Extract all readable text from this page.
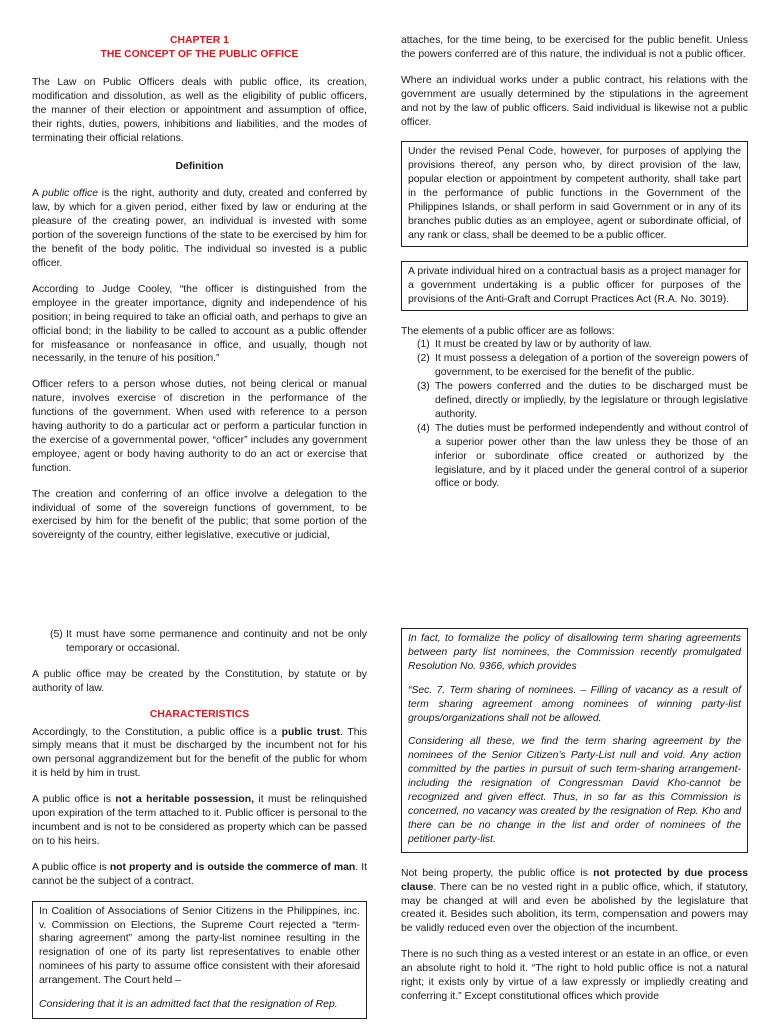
CHAPTER 1
THE CONCEPT OF THE PUBLIC OFFICE

The Law on Public Officers deals with public office, its creation, modification and dissolution, as well as the eligibility of public officers, the manner of their election or appointment and assumption of office, their rights, duties, powers, inhibitions and liabilities, and the modes of terminating their official relations.

Definition

A public office is the right, authority and duty, created and conferred by law, by which for a given period, either fixed by law or enduring at the pleasure of the creating power, an individual is invested with some portion of the sovereign functions of the state to be exercised by him for the benefit of the body politic. The individual so invested is a public officer.

According to Judge Cooley, “the officer is distinguished from the employee in the greater importance, dignity and independence of his position; in being required to take an official oath, and perhaps to give an official bond; in the liability to be called to account as a public offender for misfeasance or nonfeasance in office, and usually, though not necessarily, in the tenure of his position.”

Officer refers to a person whose duties, not being clerical or manual nature, involves exercise of discretion in the performance of the functions of the government. When used with reference to a person having authority to do a particular act or perform a particular function in the exercise of a governmental power, “officer” includes any government employee, agent or body having authority to do an act or exercise that function.

The creation and conferring of an office involve a delegation to the individual of some of the sovereign functions of government, to be exercised by him for the benefit of the public; that some portion of the sovereignty of the country, either legislative, executive or judicial,

attaches, for the time being, to be exercised for the public benefit. Unless the powers conferred are of this nature, the individual is not a public officer.

Where an individual works under a public contract, his relations with the government are usually determined by the stipulations in the agreement and not by the law of public officers. Said individual is likewise not a public officer.

Under the revised Penal Code, however, for purposes of applying the provisions thereof, any person who, by direct provision of the law, popular election or appointment by competent authority, shall take part in the performance of public functions in the Government of the Philippines Islands, or shall perform in said Government or in any of its branches public duties as an employee, agent or subordinate official, of any rank or class, shall be deemed to be a public officer.

A private individual hired on a contractual basis as a project manager for a government undertaking is a public officer for purposes of the provisions of the Anti-Graft and Corrupt Practices Act (R.A. No. 3019).

The elements of a public officer are as follows:

(1) It must be created by law or by authority of law.
(2) It must possess a delegation of a portion of the sovereign powers of government, to be exercised for the benefit of the public.
(3) The powers conferred and the duties to be discharged must be defined, directly or impliedly, by the legislature or through legislative authority.
(4) The duties must be performed independently and without control of a superior power other than the law unless they be those of an inferior or subordinate office created or authorized by the legislature, and by it placed under the general control of a superior office or body.

(5) It must have some permanence and continuity and not be only temporary or occasional.

A public office may be created by the Constitution, by statute or by authority of law.

CHARACTERISTICS

Accordingly, to the Constitution, a public office is a public trust. This simply means that it must be discharged by the incumbent not for his own personal aggrandizement but for the benefit of the public for whom it is held by him in trust.

A public office is not a heritable possession, it must be relinquished upon expiration of the term attached to it. Public officer is personal to the incumbent and is not to be considered as property which can be passed on to his heirs.

A public office is not property and is outside the commerce of man. It cannot be the subject of a contract.

In Coalition of Associations of Senior Citizens in the Philippines, inc. v. Commission on Elections, the Supreme Court rejected a “term-sharing agreement” among the party-list nominee resulting in the resignation of one of its party list representatives to enable other nominees of his party to assume office consistent with their aforesaid arrangement. The Court held –

Considering that it is an admitted fact that the resignation of Rep.

In fact, to formalize the policy of disallowing term sharing agreements between party list nominees, the Commission recently promulgated Resolution No. 9366, which provides

“Sec. 7. Term sharing of nominees. – Filling of vacancy as a result of term sharing agreement among nominees of winning party-list groups/organizations shall not be allowed.

Considering all these, we find the term sharing agreement by the nominees of the Senior Citizen’s Party-List null and void. Any action committed by the parties in pursuit of such term-sharing arrangement-including the resignation of Congressman David Kho-cannot be recognized and given effect. Thus, in so far as this Commission is concerned, no vacancy was created by the resignation of Rep. Kho and there can be no change in the list and order of nominees of the petitioner party-list.

Not being property, the public office is not protected by due process clause. There can be no vested right in a public office, which, if statutory, may be changed at will and even be abolished by the legislature that created it. Besides such abolition, its term, compensation and powers may be validly reduced even over the objection of the incumbent.

There is no such thing as a vested interest or an estate in an office, or even an absolute right to hold it. “The right to hold public office is not a natural right; it exists only by virtue of a law expressly or impliedly creating and conferring it.” Except constitutional offices which provide
